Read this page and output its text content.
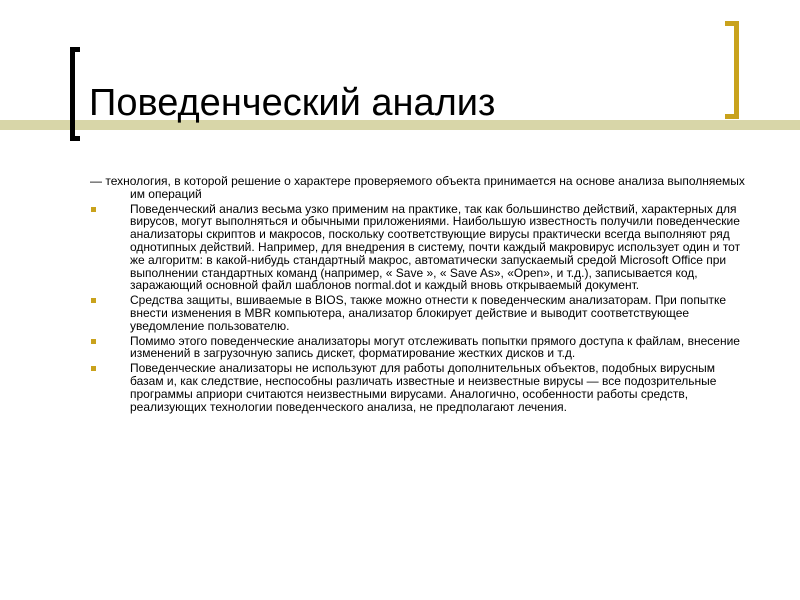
Поведенческий анализ

— технология, в которой решение о характере проверяемого объекта принимается на основе анализа выполняемых им операций

Поведенческий анализ весьма узко применим на практике, так как большинство действий, характерных для вирусов, могут выполняться и обычными приложениями. Наибольшую известность получили поведенческие анализаторы скриптов и макросов, поскольку соответствующие вирусы практически всегда выполняют ряд однотипных действий. Например, для внедрения в систему, почти каждый макровирус использует один и тот же алгоритм: в какой-нибудь стандартный макрос, автоматически запускаемый средой Microsoft Office при выполнении стандартных команд (например, « Save », « Save As», «Open», и т.д.), записывается код, заражающий основной файл шаблонов normal.dot и каждый вновь открываемый документ.
Средства защиты, вшиваемые в BIOS, также можно отнести к поведенческим анализаторам. При попытке внести изменения в MBR компьютера, анализатор блокирует действие и выводит соответствующее уведомление пользователю.
Помимо этого поведенческие анализаторы могут отслеживать попытки прямого доступа к файлам, внесение изменений в загрузочную запись дискет, форматирование жестких дисков и т.д.
Поведенческие анализаторы не используют для работы дополнительных объектов, подобных вирусным базам и, как следствие, неспособны различать известные и неизвестные вирусы — все подозрительные программы априори считаются неизвестными вирусами. Аналогично, особенности работы средств, реализующих технологии поведенческого анализа, не предполагают лечения.
